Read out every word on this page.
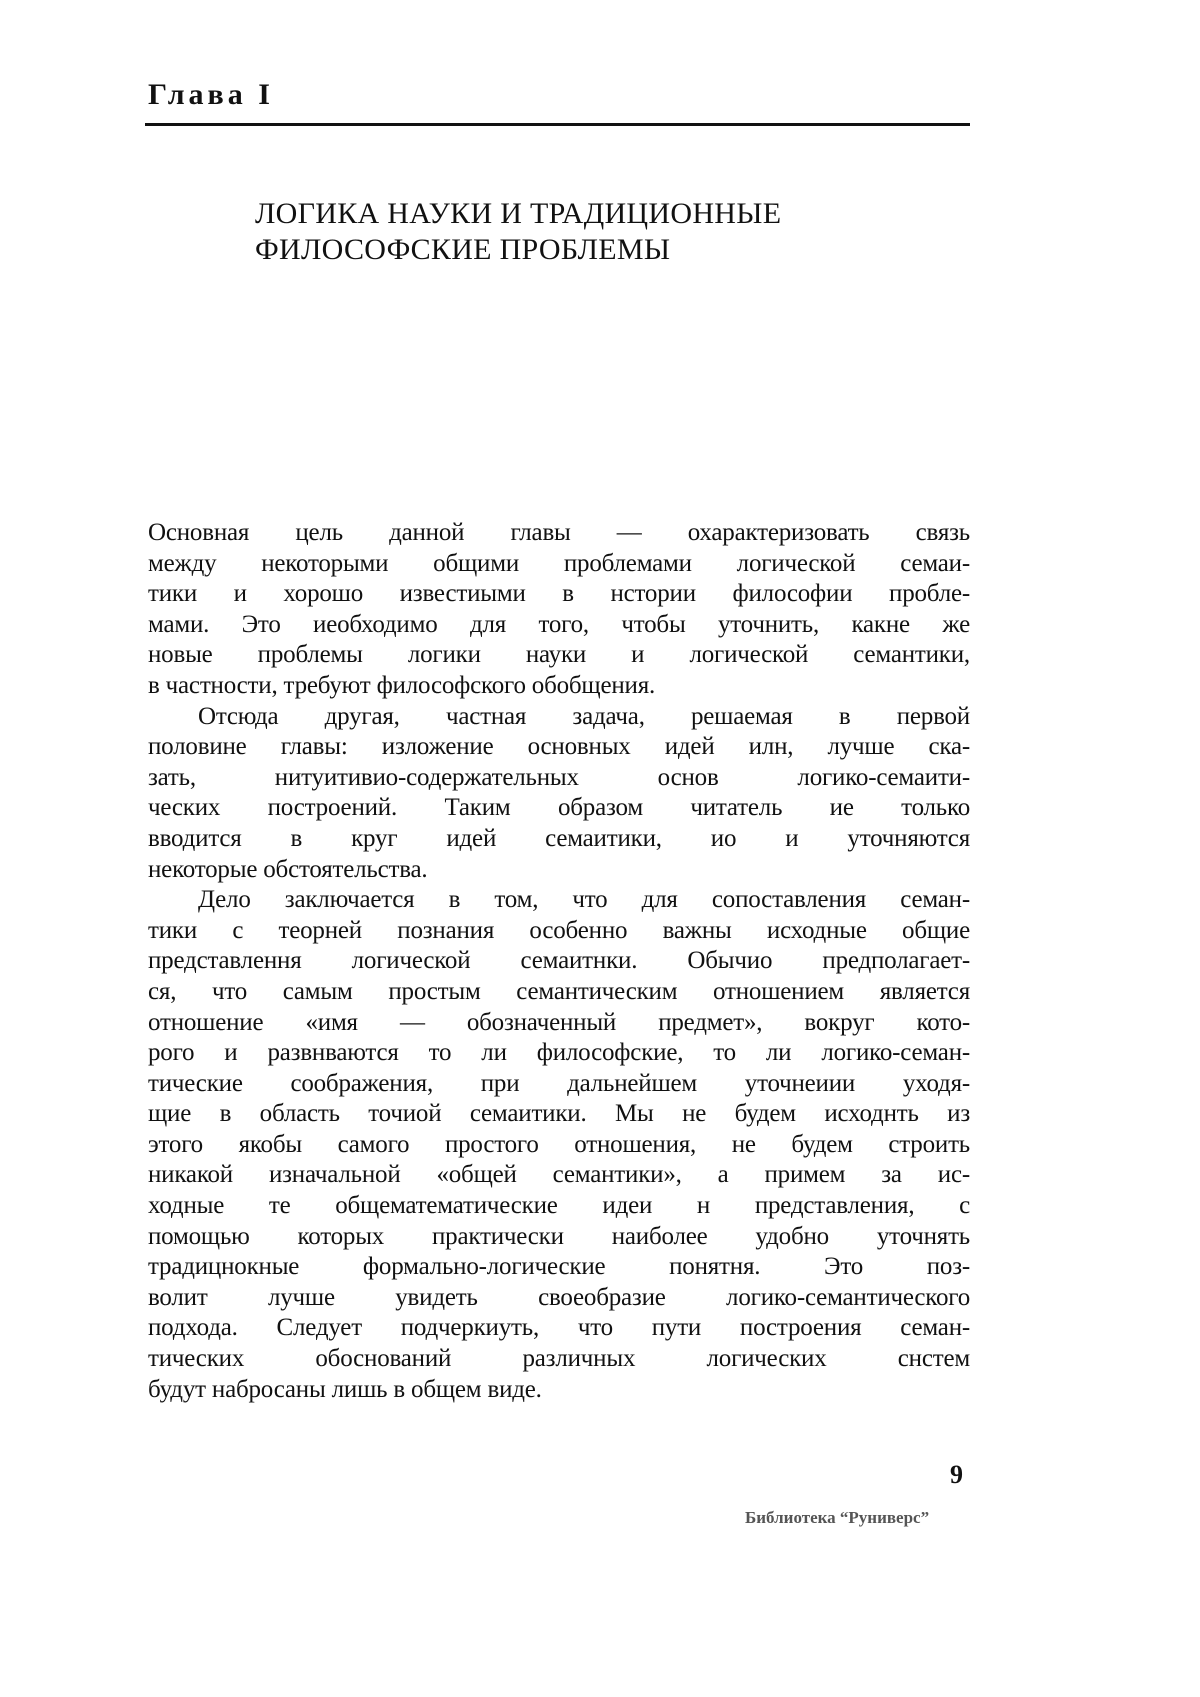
Глава I
ЛОГИКА НАУКИ И ТРАДИЦИОННЫЕ
ФИЛОСОФСКИЕ ПРОБЛЕМЫ
Основная цель данной главы — охарактеризовать связь
между некоторыми общими проблемами логической семаи-
тики и хорошо известиыми в нстории философии пробле-
мами. Это иеобходимо для того, чтобы уточнить, какне же
новые проблемы логики науки и логической семантики,
в частности, требуют философского обобщения.
Отсюда другая, частная задача, решаемая в первой
половине главы: изложение основных идей илн, лучше ска-
зать, нитуитивио-содержательных основ логико-семаити-
ческих построений. Таким образом читатель ие только
вводится в круг идей семаитики, ио и уточняются
некоторые обстоятельства.
Дело заключается в том, что для сопоставления семан-
тики с теорней познания особенно важны исходные общие
представлення логической семаитнки. Обычио предполагает-
ся, что самым простым семантическим отношением является
отношение «имя — обозначенный предмет», вокруг кото-
рого и развнваются то ли философские, то ли логико-семан-
тические соображения, при дальнейшем уточнеиии уходя-
щие в область точиой семаитики. Мы не будем исходнть из
этого якобы самого простого отношения, не будем строить
никакой изначальной «общей семантики», а примем за ис-
ходные те общематематические идеи н представления, с
помощью которых практически наиболее удобно уточнять
традицнокные формально-логические понятня. Это поз-
волит лучше увидеть своеобразие логико-семантического
подхода. Следует подчеркиуть, что пути построения семан-
тических обоснований различных логических снстем
будут набросаны лишь в общем виде.
9
Библиотека “Руниверс”
